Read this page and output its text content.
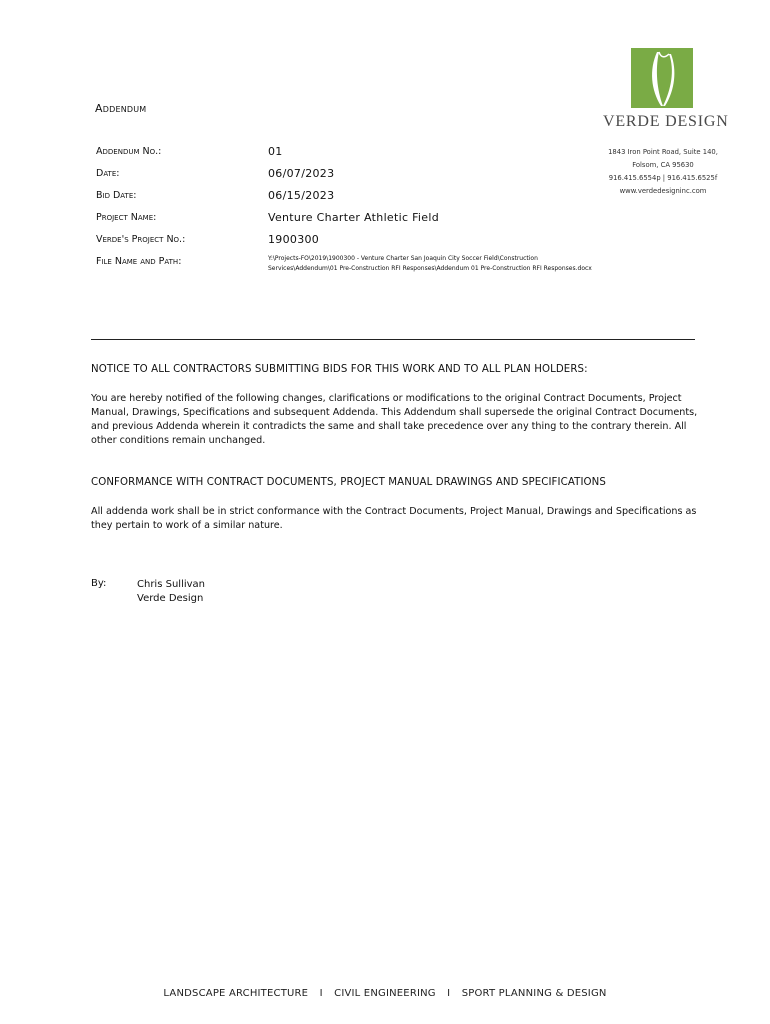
VERDE DESIGN
1843 Iron Point Road, Suite 140,
Folsom, CA 95630
916.415.6554p | 916.415.6525f
www.verdedesigninc.com
Addendum
Addendum No.:	01
Date:	06/07/2023
Bid Date:	06/15/2023
Project Name:	Venture Charter Athletic Field
Verde's Project No.:	1900300
File Name and Path:	Y:\Projects-FO\2019\1900300 - Venture Charter San Joaquin City Soccer Field\Construction Services\Addendum\01 Pre-Construction RFI Responses\Addendum 01 Pre-Construction RFI Responses.docx
NOTICE TO ALL CONTRACTORS SUBMITTING BIDS FOR THIS WORK AND TO ALL PLAN HOLDERS:
You are hereby notified of the following changes, clarifications or modifications to the original Contract Documents, Project Manual, Drawings, Specifications and subsequent Addenda. This Addendum shall supersede the original Contract Documents, and previous Addenda wherein it contradicts the same and shall take precedence over any thing to the contrary therein. All other conditions remain unchanged.
CONFORMANCE WITH CONTRACT DOCUMENTS, PROJECT MANUAL DRAWINGS AND SPECIFICATIONS
All addenda work shall be in strict conformance with the Contract Documents, Project Manual, Drawings and Specifications as they pertain to work of a similar nature.
By:	Chris Sullivan
Verde Design
LANDSCAPE ARCHITECTURE I CIVIL ENGINEERING I SPORT PLANNING & DESIGN
